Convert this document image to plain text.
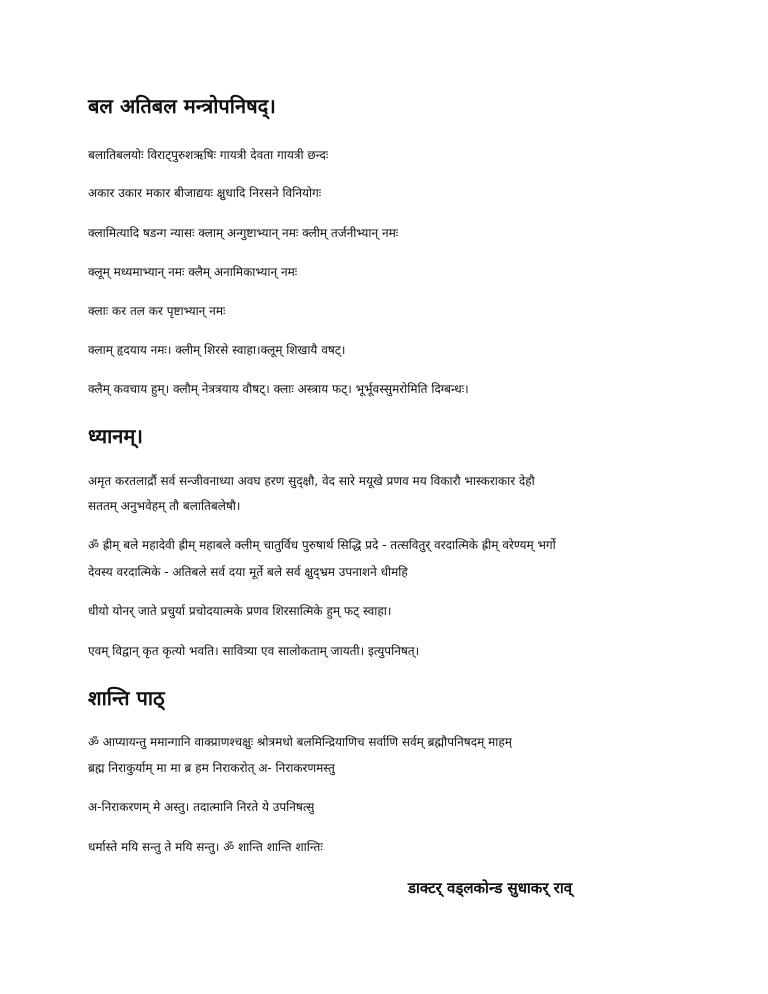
बल अतिबल मन्त्रोपनिषद्।
बलातिबलयोः विराट्पुरुशऋषिः गायत्री देवता गायत्री छन्दः
अकार उकार मकार बीजाद्ययः क्षुधादि निरसने विनियोगः
क्लामित्यादि षडन्ग न्यासः क्लाम् अन्गुष्टाभ्यान् नमः क्लीम् तर्जनीभ्यान् नमः
क्लूम् मध्यमाभ्यान् नमः क्लैम् अनामिकाभ्यान् नमः
क्लाः कर तल कर पृष्टाभ्यान् नमः
क्लाम् हृदयाय नमः। क्लीम् शिरसे स्वाहा।क्लूम् शिखायै वषट्।
क्लैम् कवचाय हुम्। क्लौम् नेत्रत्रयाय वौषट्। क्लाः अस्त्राय फट्। भूर्भूवस्सुमरोमिति दिग्बन्धः।
ध्यानम्।
अमृत करतलार्द्रौ सर्व सन्जीवनाध्या अवघ हरण सुद्क्षौ, वेद सारे मयूखे प्रणव मय विकारौ भास्कराकार देहौ
सततम् अनुभवेहम् तौ बलातिबलेषौ।
ॐ ह्रीम् बले महादेवी ह्रीम् महाबले क्लीम् चातुर्विध पुरुषार्थ सिद्धि प्रदे - तत्सवितुर् वरदात्मिके ह्रीम् वरेण्यम् भर्गो
देवस्य वरदात्मिके - अतिबले सर्व दया मूर्ते बले सर्व क्षुद्भ्रम उपनाशने धीमहि
धीयो योनर् जाते प्रचुर्या प्रचोदयात्मके प्रणव शिरसात्मिके हुम् फट् स्वाहा।
एवम् विद्वान् कृत कृत्यो भवति। सावित्र्या एव सालोकताम् जायती। इत्युपनिषत्।
शान्ति पाठ्
ॐ आप्यायन्तु ममान्गानि वाक्प्राणश्चक्षुः श्रोत्रमधो बलमिन्द्रियाणिच सर्वाणि सर्वम् ब्रह्मौपनिषदम् माहम्
ब्रह्म निराकुर्याम् मा मा ब्र हम निराकरोत् अ- निराकरणमस्तु
अ-निराकरणम् मे अस्तु। तदात्मानि निरते ये उपनिषत्सु
धर्मास्ते मयि सन्तु ते मयि सन्तु। ॐ शान्ति शान्ति शान्तिः
डाक्टर् वड्लकोन्ड सुधाकर् राव्
